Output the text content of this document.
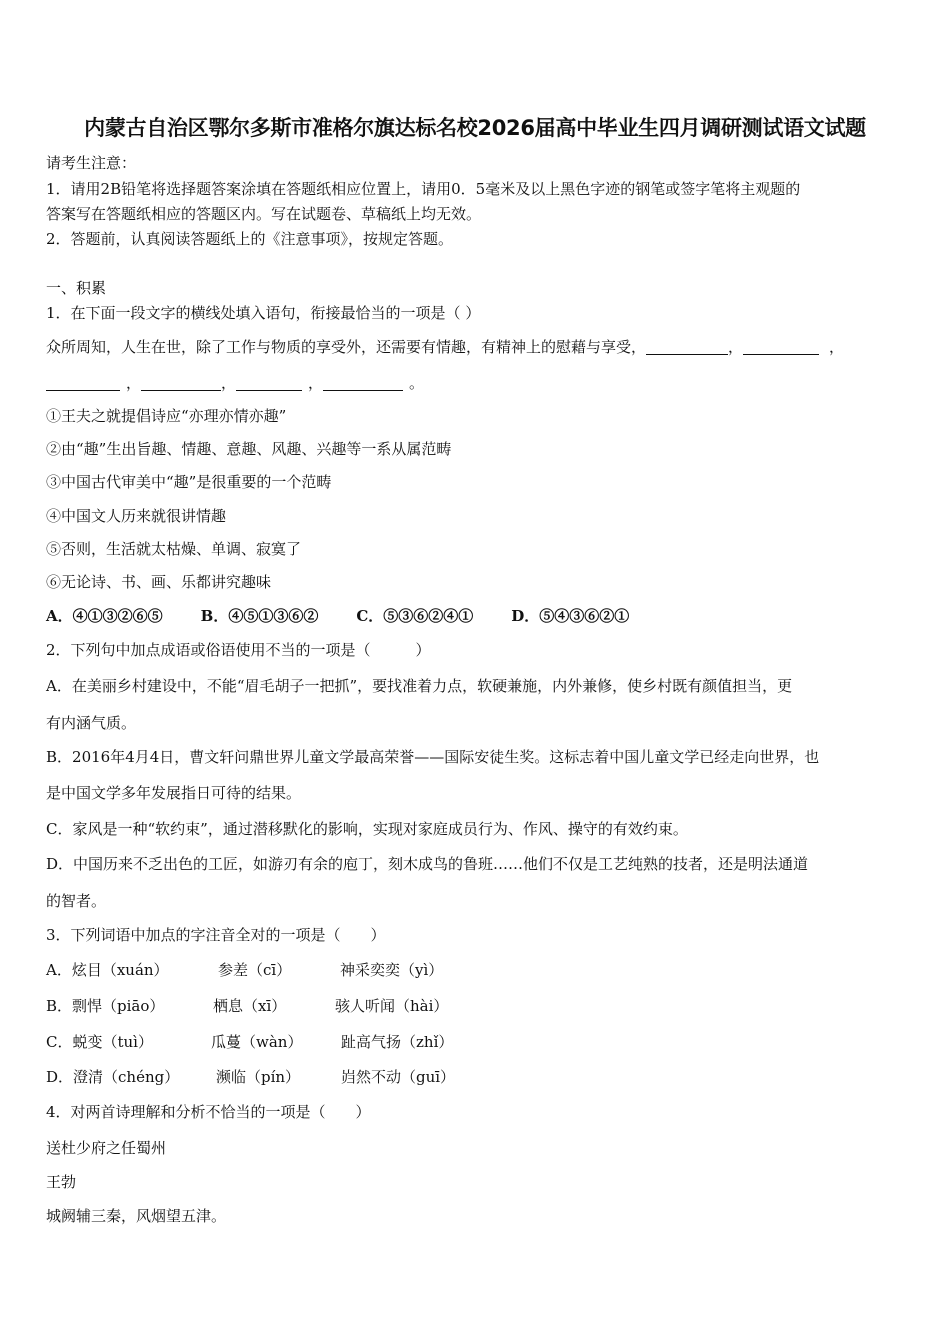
内蒙古自治区鄂尔多斯市准格尔旗达标名校2026届高中毕业生四月调研测试语文试题
请考生注意：
1．请用2B铅笔将选择题答案涂填在答题纸相应位置上，请用0．5毫米及以上黑色字迹的钢笔或签字笔将主观题的
答案写在答题纸相应的答题区内。写在试题卷、草稿纸上均无效。
2．答题前，认真阅读答题纸上的《注意事项》，按规定答题。
一、积累
1．在下面一段文字的横线处填入语句，衔接最恰当的一项是（ ）
众所周知，人生在世，除了工作与物质的享受外，还需要有情趣，有精神上的慰藉与享受，	，	，
，	，	，	。
①王夫之就提倡诗应“亦理亦情亦趣”
②由“趣”生出旨趣、情趣、意趣、风趣、兴趣等一系从属范畴
③中国古代审美中“趣”是很重要的一个范畴
④中国文人历来就很讲情趣
⑤否则，生活就太枯燥、单调、寂寞了
⑥无论诗、书、画、乐都讲究趣味
A．④①③②⑥⑤	B．④⑤①③⑥②	C．⑤③⑥②④①	D．⑤④③⑥②①
2．下列句中加点成语或俗语使用不当的一项是（　　　）
A．在美丽乡村建设中，不能“眉毛胡子一把抓”，要找准着力点，软硬兼施，内外兼修，使乡村既有颜值担当，更
有内涵气质。
B．2016年4月4日，曹文轩问鼎世界儿童文学最高荣誉——国际安徒生奖。这标志着中国儿童文学已经走向世界，也
是中国文学多年发展指日可待的结果。
C．家风是一种“软约束”，通过潜移默化的影响，实现对家庭成员行为、作风、操守的有效约束。
D．中国历来不乏出色的工匠，如游刃有余的庖丁，刻木成鸟的鲁班……他们不仅是工艺纯熟的技者，还是明法通道
的智者。
3．下列词语中加点的字注音全对的一项是（　　）
A．炫目（xuán）	参差（cī）	神采奕奕（yì）
B．剽悍（piāo）	栖息（xī）	骇人听闻（hài）
C．蜕变（tuì）	瓜蔓（wàn）	趾高气扬（zhǐ）
D．澄清（chéng） 濒临（pín）	岿然不动（guī）
4．对两首诗理解和分析不恰当的一项是（　　）
送杜少府之任蜀州
王勃
城阙辅三秦，风烟望五津。
